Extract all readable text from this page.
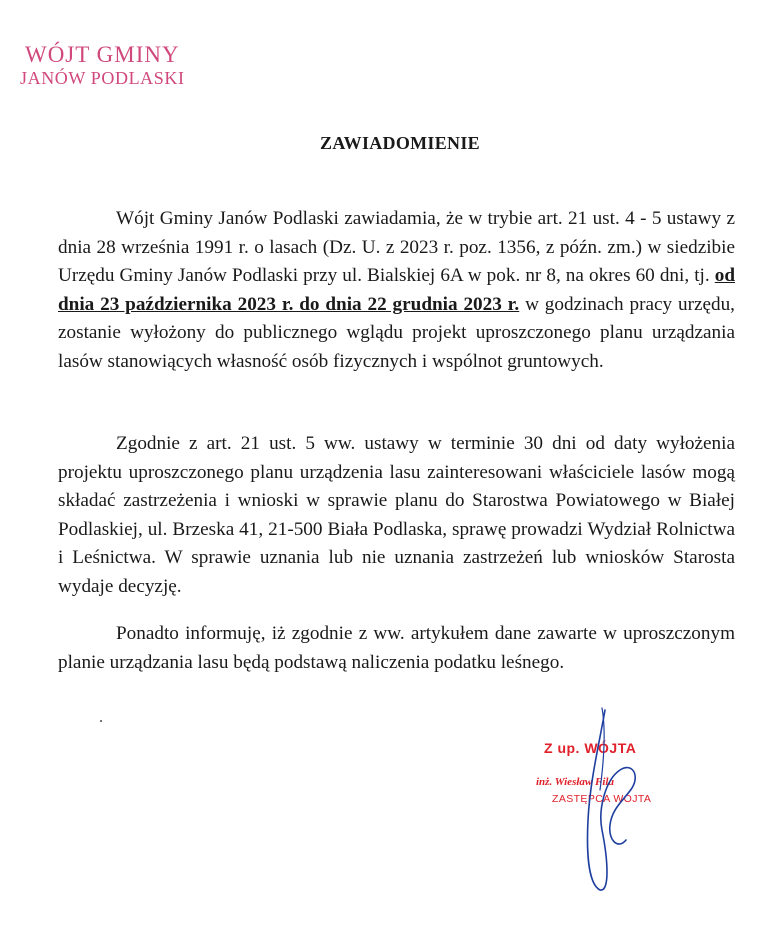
WÓJT GMINY
JANÓW PODLASKI
ZAWIADOMIENIE

Wójt Gminy Janów Podlaski zawiadamia, że w trybie art. 21 ust. 4 - 5 ustawy z dnia 28 września 1991 r. o lasach (Dz. U. z 2023 r. poz. 1356, z późn. zm.) w siedzibie Urzędu Gminy Janów Podlaski przy ul. Bialskiej 6A w pok. nr 8, na okres 60 dni, tj. od dnia 23 października 2023 r. do dnia 22 grudnia 2023 r. w godzinach pracy urzędu, zostanie wyłożony do publicznego wglądu projekt uproszczonego planu urządzania lasów stanowiących własność osób fizycznych i wspólnot gruntowych.

Zgodnie z art. 21 ust. 5 ww. ustawy w terminie 30 dni od daty wyłożenia projektu uproszczonego planu urządzenia lasu zainteresowani właściciele lasów mogą składać zastrzeżenia i wnioski w sprawie planu do Starostwa Powiatowego w Białej Podlaskiej, ul. Brzeska 41, 21-500 Biała Podlaska, sprawę prowadzi Wydział Rolnictwa i Leśnictwa. W sprawie uznania lub nie uznania zastrzeżeń lub wniosków Starosta wydaje decyzję.

Ponadto informuję, iż zgodnie z ww. artykułem dane zawarte w uproszczonym planie urządzania lasu będą podstawą naliczenia podatku leśnego.

Z up. WÓJTA
inż. Wiesław Fila
ZASTĘPCA WÓJTA
